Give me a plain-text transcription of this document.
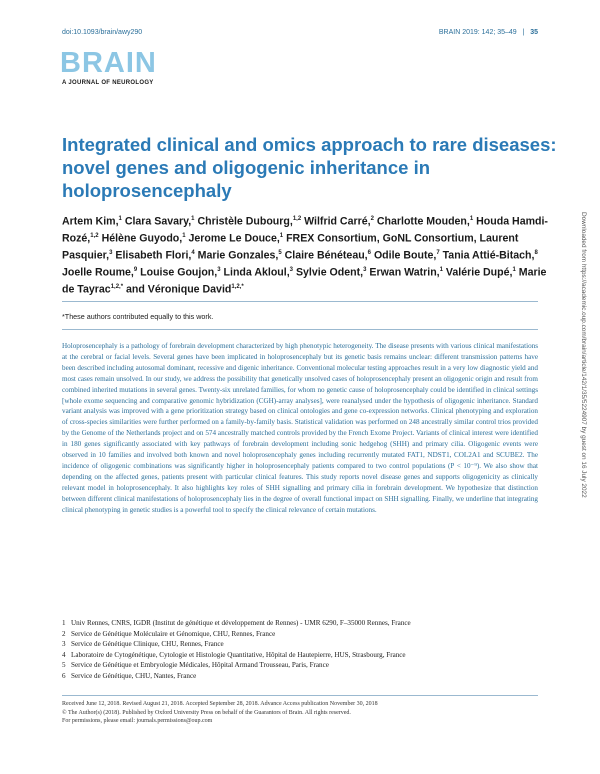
doi:10.1093/brain/awy290	BRAIN 2019: 142; 35–49   |   35
BRAIN
A JOURNAL OF NEUROLOGY
Integrated clinical and omics approach to rare diseases: novel genes and oligogenic inheritance in holoprosencephaly
Artem Kim,$^1$ Clara Savary,$^1$ Christèle Dubourg,$^{1,2}$ Wilfrid Carré,$^2$ Charlotte Mouden,$^1$ Houda Hamdi-Rozé,$^{1,2}$ Hélène Guyodo,$^1$ Jerome Le Douce,$^1$ FREX Consortium, GoNL Consortium, Laurent Pasquier,$^3$ Elisabeth Flori,$^4$ Marie Gonzales,$^5$ Claire Bénéteau,$^6$ Odile Boute,$^7$ Tania Attié-Bitach,$^8$ Joelle Roume,$^9$ Louise Goujon,$^3$ Linda Akloul,$^3$ Sylvie Odent,$^3$ Erwan Watrin,$^1$ Valérie Dupé,$^1$ Marie de Tayrac$^{1,2,*}$ and Véronique David$^{1,2,*}$	Downloaded from https://academic.oup.com/brain/article/142/1/35/5224907 by guest on 16 July 2022
*These authors contributed equally to this work.

Holoprosencephaly is a pathology of forebrain development characterized by high phenotypic heterogeneity. The disease presents with various clinical manifestations at the cerebral or facial levels. Several genes have been implicated in holoprosencephaly but its genetic basis remains unclear: different transmission patterns have been described including autosomal dominant, recessive and digenic inheritance. Conventional molecular testing approaches result in a very low diagnostic yield and most cases remain unsolved. In our study, we address the possibility that genetically unsolved cases of holoprosencephaly present an oligogenic origin and result from combined inherited mutations in several genes. Twenty-six unrelated families, for whom no genetic cause of holoprosencephaly could be identified in clinical settings [whole exome sequencing and comparative genomic hybridization (CGH)-array analyses], were reanalysed under the hypothesis of oligogenic inheritance. Standard variant analysis was improved with a gene prioritization strategy based on clinical ontologies and gene co-expression networks. Clinical phenotyping and exploration of cross-species similarities were further performed on a family-by-family basis. Statistical validation was performed on 248 ancestrally similar control trios provided by the Genome of the Netherlands project and on 574 ancestrally matched controls provided by the French Exome Project. Variants of clinical interest were identified in 180 genes significantly associated with key pathways of forebrain development including sonic hedgehog (SHH) and primary cilia. Oligogenic events were observed in 10 families and involved both known and novel holoprosencephaly genes including recurrently mutated FAT1, NDST1, COL2A1 and SCUBE2. The incidence of oligogenic combinations was significantly higher in holoprosencephaly patients compared to two control populations (P < 10⁻⁹). We also show that depending on the affected genes, patients present with particular clinical features. This study reports novel disease genes and supports oligogenicity as clinically relevant model in holoprosencephaly. It also highlights key roles of SHH signalling and primary cilia in forebrain development. We hypothesize that distinction between different clinical manifestations of holoprosencephaly lies in the degree of overall functional impact on SHH signalling. Finally, we underline that integrating clinical phenotyping in genetic studies is a powerful tool to specify the clinical relevance of certain mutations.

1 Univ Rennes, CNRS, IGDR (Institut de génétique et développement de Rennes) - UMR 6290, F–35000 Rennes, France
2 Service de Génétique Moléculaire et Génomique, CHU, Rennes, France
3 Service de Génétique Clinique, CHU, Rennes, France
4 Laboratoire de Cytogénétique, Cytologie et Histologie Quantitative, Hôpital de Hautepierre, HUS, Strasbourg, France
5 Service de Génétique et Embryologie Médicales, Hôpital Armand Trousseau, Paris, France
6 Service de Génétique, CHU, Nantes, France
Received June 12, 2018. Revised August 21, 2018. Accepted September 28, 2018. Advance Access publication November 30, 2018
© The Author(s) (2018). Published by Oxford University Press on behalf of the Guarantors of Brain. All rights reserved.
For permissions, please email: journals.permissions@oup.com
